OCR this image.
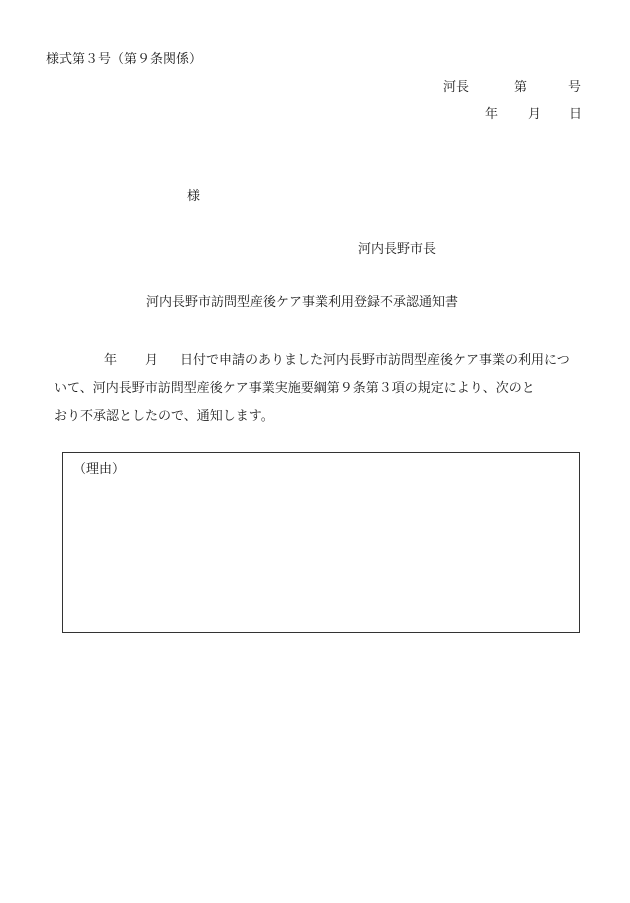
様式第３号（第９条関係）
河長	第	号
年 月 日
様
河内長野市長
河内長野市訪問型産後ケア事業利用登録不承認通知書
年 月 日付で申請のありました河内長野市訪問型産後ケア事業の利用につ
いて、河内長野市訪問型産後ケア事業実施要綱第９条第３項の規定により、次のと
おり不承認としたので、通知します。
（理由）
